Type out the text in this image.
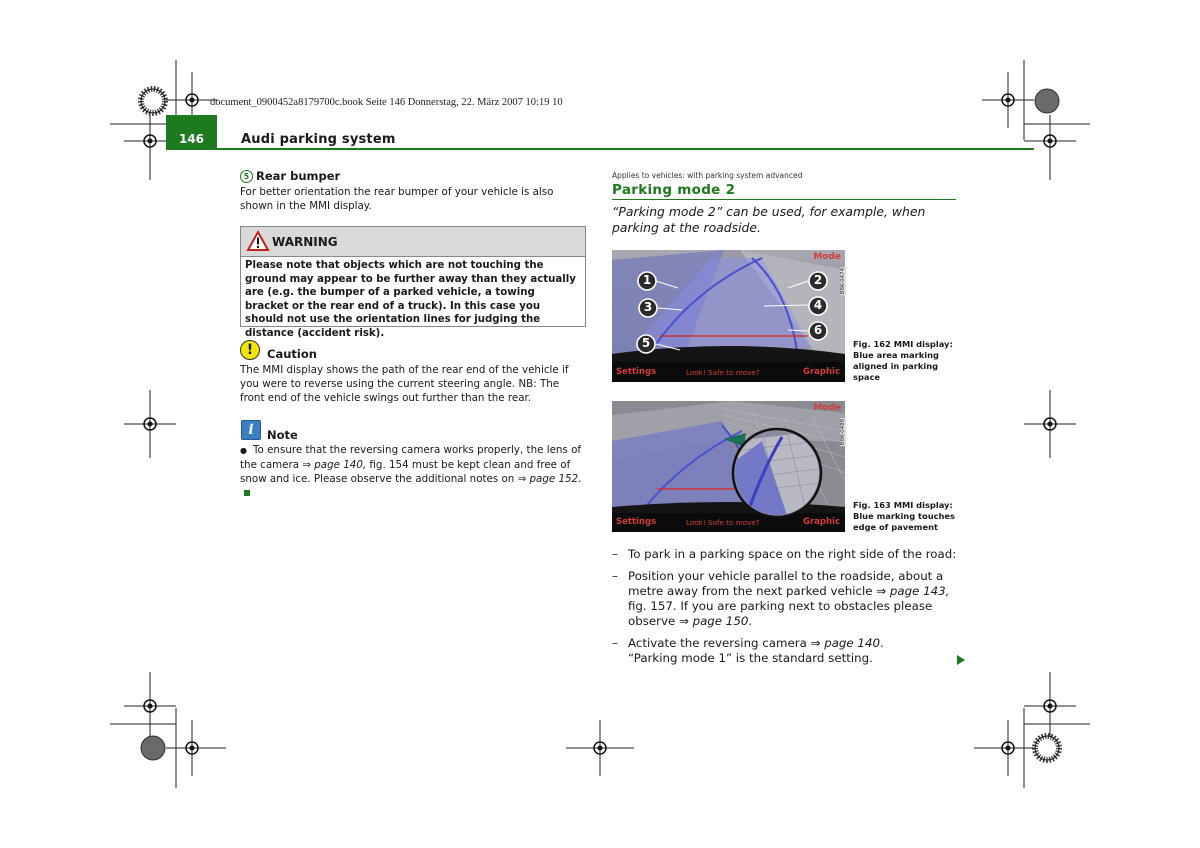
document_0900452a8179700c.book Seite 146 Donnerstag, 22. März 2007 10:19 10
146	Audi parking system
5 Rear bumper
For better orientation the rear bumper of your vehicle is also shown in the MMI display.
WARNING
Please note that objects which are not touching the ground may appear to be further away than they actually are (e.g. the bumper of a parked vehicle, a towing bracket or the rear end of a truck). In this case you should not use the orientation lines for judging the distance (accident risk).
!	Caution
The MMI display shows the path of the rear end of the vehicle if you were to reverse using the current steering angle. NB: The front end of the vehicle swings out further than the rear.
i	Note
● To ensure that the reversing camera works properly, the lens of the camera ⇒ page 140, fig. 154 must be kept clean and free of snow and ice. Please observe the additional notes on ⇒ page 152.
Applies to vehicles: with parking system advanced
Parking mode 2
“Parking mode 2” can be used, for example, when parking at the roadside.
1	2
3	4
5
6
Mode
B8K-0474
Settings	Look! Safe to move?	Graphic
Fig. 162 MMI display: Blue area marking aligned in parking space
Mode
B8K-0488
Settings	Look! Safe to move?	Graphic
Fig. 163 MMI display: Blue marking touches edge of pavement
– To park in a parking space on the right side of the road:
– Position your vehicle parallel to the roadside, about a metre away from the next parked vehicle ⇒ page 143, fig. 157. If you are parking next to obstacles please observe ⇒ page 150.
– Activate the reversing camera ⇒ page 140.
“Parking mode 1” is the standard setting.
